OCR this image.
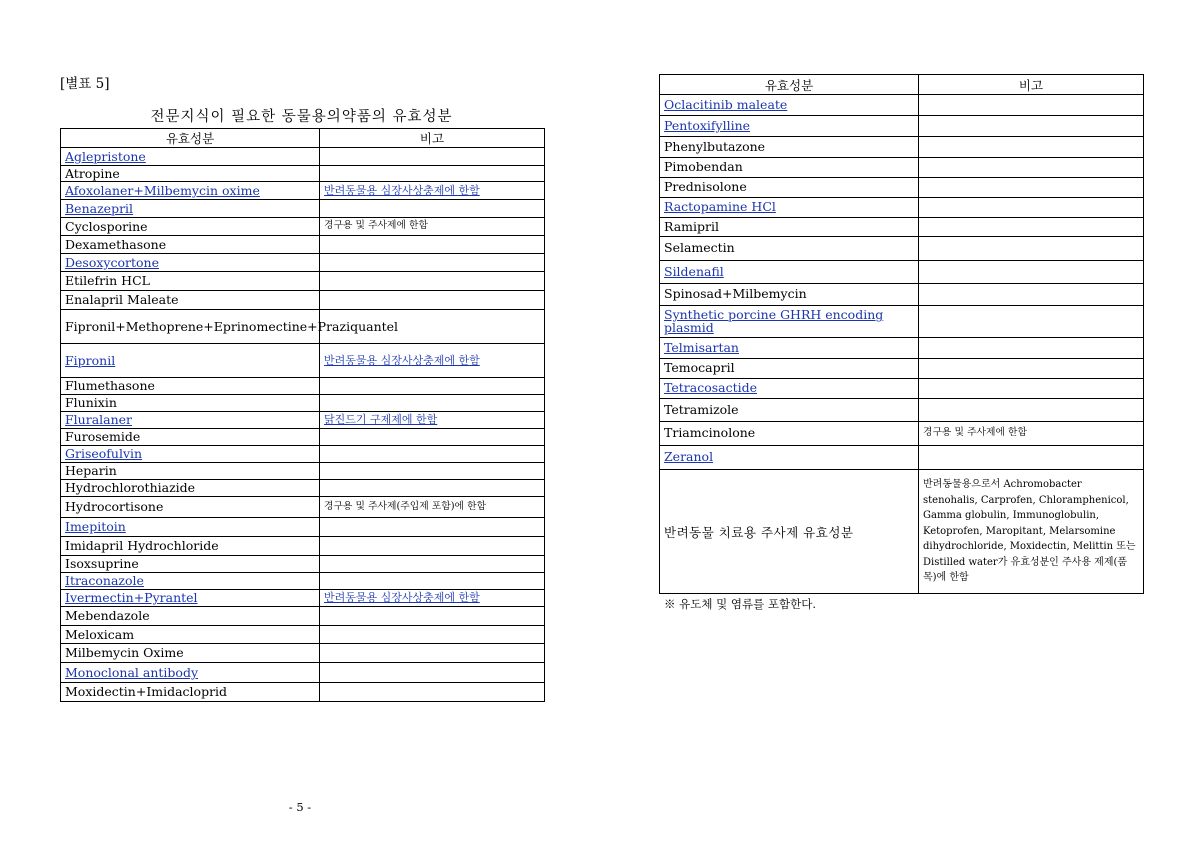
[별표 5]
전문지식이 필요한 동물용의약품의 유효성분
유효성분	비고
Aglepristone	
Atropine	
Afoxolaner+Milbemycin oxime	반려동물용 심장사상충제에 한함
Benazepril	
Cyclosporine	경구용 및 주사제에 한함
Dexamethasone	
Desoxycortone	
Etilefrin HCL	
Enalapril Maleate	
Fipronil+Methoprene+Eprinomectine+Praziquantel	
Fipronil	반려동물용 심장사상충제에 한함
Flumethasone	
Flunixin	
Fluralaner	닭진드기 구제제에 한함
Furosemide	
Griseofulvin	
Heparin	
Hydrochlorothiazide	
Hydrocortisone	경구용 및 주사제(주입제 포함)에 한함
Imepitoin	
Imidapril Hydrochloride	
Isoxsuprine	
Itraconazole	
Ivermectin+Pyrantel	반려동물용 심장사상충제에 한함
Mebendazole	
Meloxicam	
Milbemycin Oxime	
Monoclonal antibody	
Moxidectin+Imidacloprid	
유효성분	비고
Oclacitinib maleate	
Pentoxifylline	
Phenylbutazone	
Pimobendan	
Prednisolone	
Ractopamine HCl	
Ramipril	
Selamectin	
Sildenafil	
Spinosad+Milbemycin	
Synthetic porcine GHRH encoding plasmid	
Telmisartan	
Temocapril	
Tetracosactide	
Tetramizole	
Triamcinolone	경구용 및 주사제에 한함
Zeranol	
반려동물 치료용 주사제 유효성분	반려동물용으로서 Achromobacter stenohalis, Carprofen, Chloramphenicol, Gamma globulin, Immunoglobulin, Ketoprofen, Maropitant, Melarsomine dihydrochloride, Moxidectin, Melittin 또는 Distilled water가 유효성분인 주사용 제제(품목)에 한함
※ 유도체 및 염류를 포함한다.
- 5 -
